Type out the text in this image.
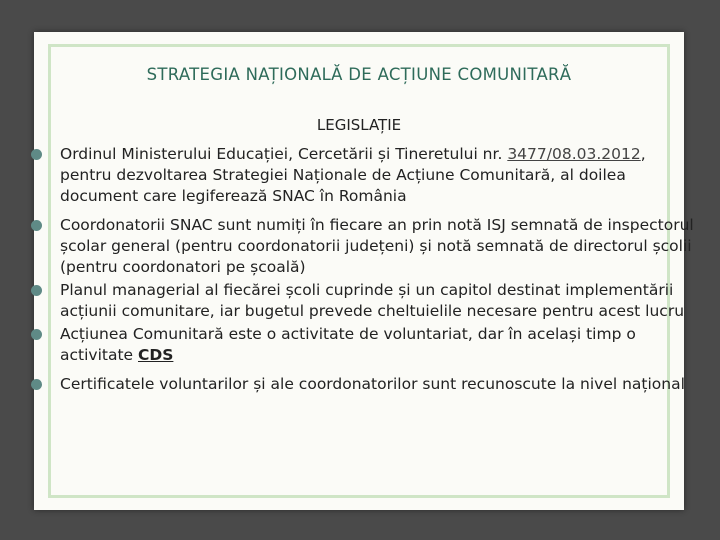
STRATEGIA NAȚIONALĂ DE ACȚIUNE COMUNITARĂ
LEGISLAȚIE
Ordinul Ministerului Educației, Cercetării și Tineretului nr. 3477/08.03.2012, pentru dezvoltarea Strategiei Naționale de Acțiune Comunitară, al doilea document care legiferează SNAC în România
Coordonatorii SNAC sunt numiți în fiecare an prin notă ISJ semnată de inspectorul școlar general (pentru coordonatorii județeni) și notă semnată de directorul școlii (pentru coordonatori pe școală)
Planul managerial al fiecărei școli cuprinde și un capitol destinat implementării acțiunii comunitare, iar bugetul prevede cheltuielile necesare pentru acest lucru
Acțiunea Comunitară este o activitate de voluntariat, dar în același timp o activitate CDS
Certificatele voluntarilor și ale coordonatorilor sunt recunoscute la nivel național
